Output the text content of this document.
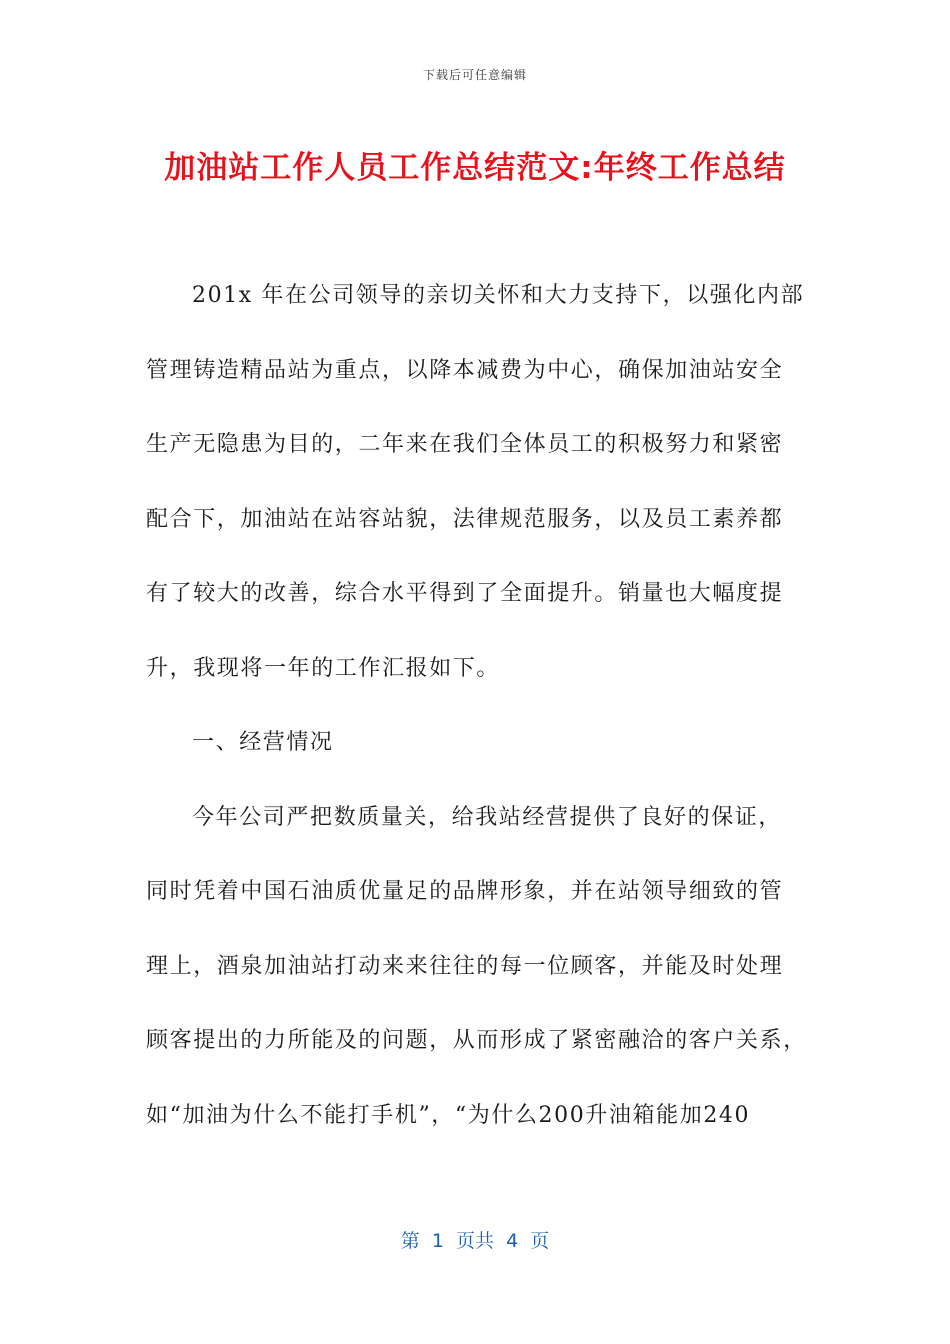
下载后可任意编辑
加油站工作人员工作总结范文:年终工作总结
201x 年在公司领导的亲切关怀和大力支持下，以强化内部
管理铸造精品站为重点，以降本减费为中心，确保加油站安全
生产无隐患为目的，二年来在我们全体员工的积极努力和紧密
配合下，加油站在站容站貌，法律规范服务，以及员工素养都
有了较大的改善，综合水平得到了全面提升。销量也大幅度提
升，我现将一年的工作汇报如下。
一、经营情况
今年公司严把数质量关，给我站经营提供了良好的保证，
同时凭着中国石油质优量足的品牌形象，并在站领导细致的管
理上，酒泉加油站打动来来往往的每一位顾客，并能及时处理
顾客提出的力所能及的问题，从而形成了紧密融洽的客户关系，
如“加油为什么不能打手机”，“为什么200升油箱能加240
第  1  页共  4  页
